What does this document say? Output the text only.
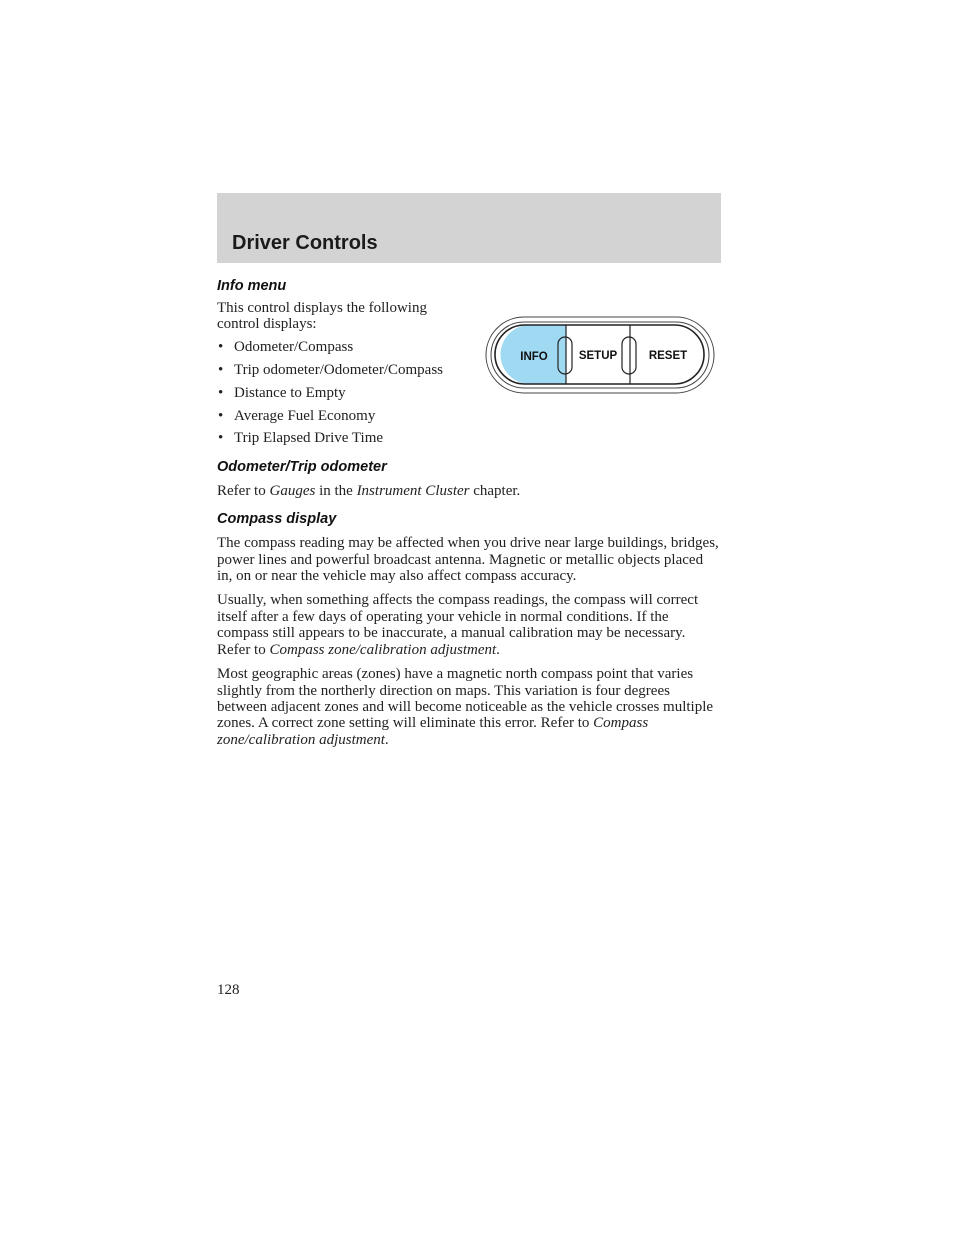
Driver Controls
Info menu

This control displays the following control displays:

• Odometer/Compass
• Trip odometer/Odometer/Compass
• Distance to Empty
• Average Fuel Economy
• Trip Elapsed Drive Time
Odometer/Trip odometer

Refer to Gauges in the Instrument Cluster chapter.

Compass display

The compass reading may be affected when you drive near large buildings, bridges, power lines and powerful broadcast antenna. Magnetic or metallic objects placed in, on or near the vehicle may also affect compass accuracy.

Usually, when something affects the compass readings, the compass will correct itself after a few days of operating your vehicle in normal conditions. If the compass still appears to be inaccurate, a manual calibration may be necessary. Refer to Compass zone/calibration adjustment.

Most geographic areas (zones) have a magnetic north compass point that varies slightly from the northerly direction on maps. This variation is four degrees between adjacent zones and will become noticeable as the vehicle crosses multiple zones. A correct zone setting will eliminate this error. Refer to Compass zone/calibration adjustment.

INFO	SETUP	RESET
128
